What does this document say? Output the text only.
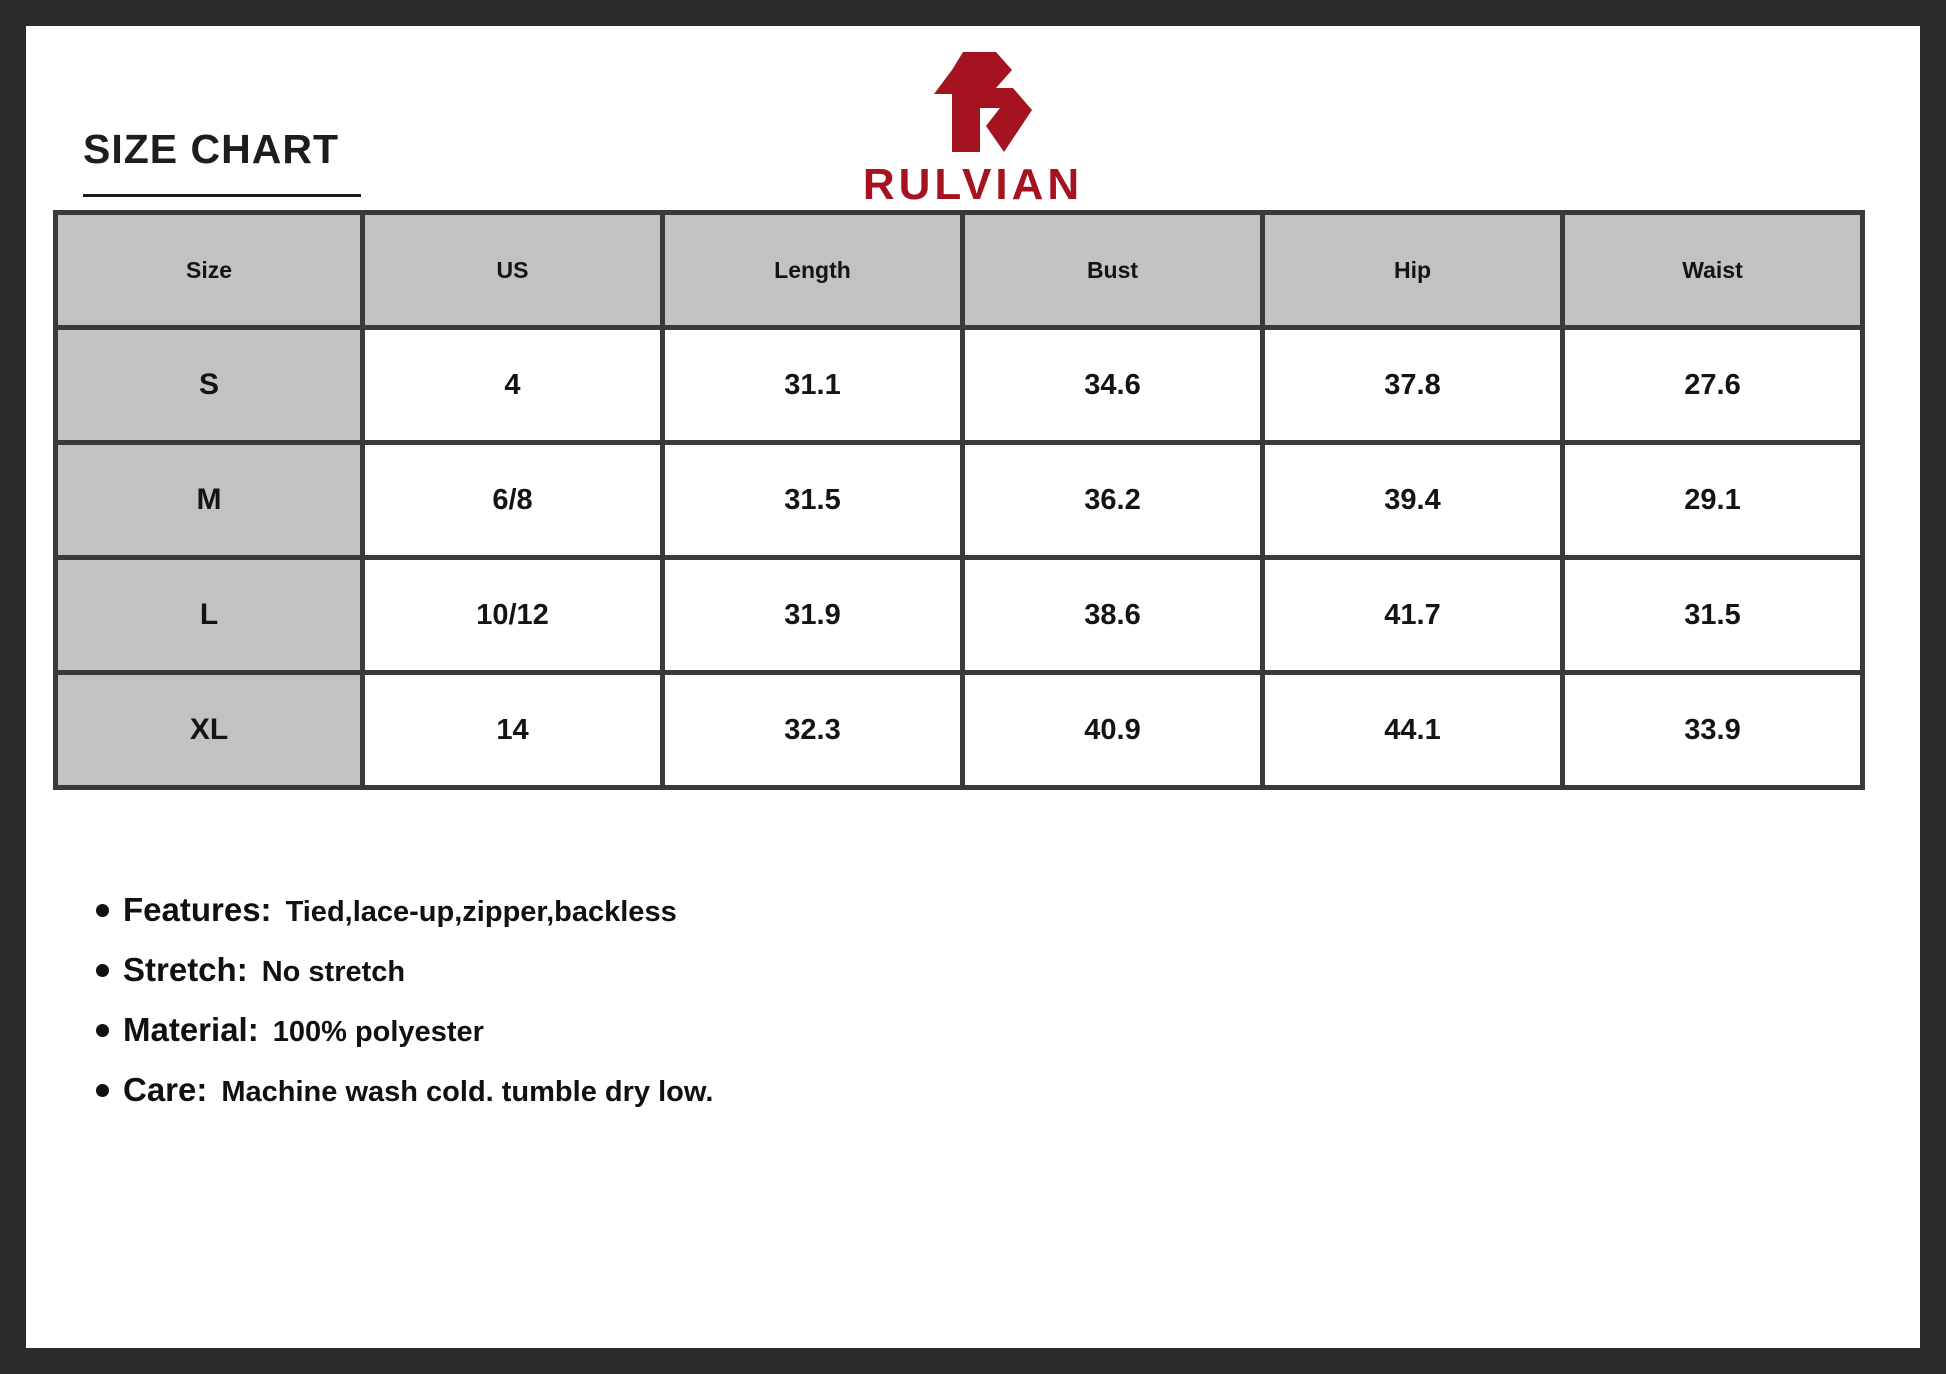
SIZE CHART
RULVIAN
Size	US	Length	Bust	Hip	Waist
S	4	31.1	34.6	37.8	27.6
M	6/8	31.5	36.2	39.4	29.1
L	10/12	31.9	38.6	41.7	31.5
XL	14	32.3	40.9	44.1	33.9
Features: Tied,lace-up,zipper,backless
Stretch: No stretch
Material: 100% polyester
Care: Machine wash cold. tumble dry low.
